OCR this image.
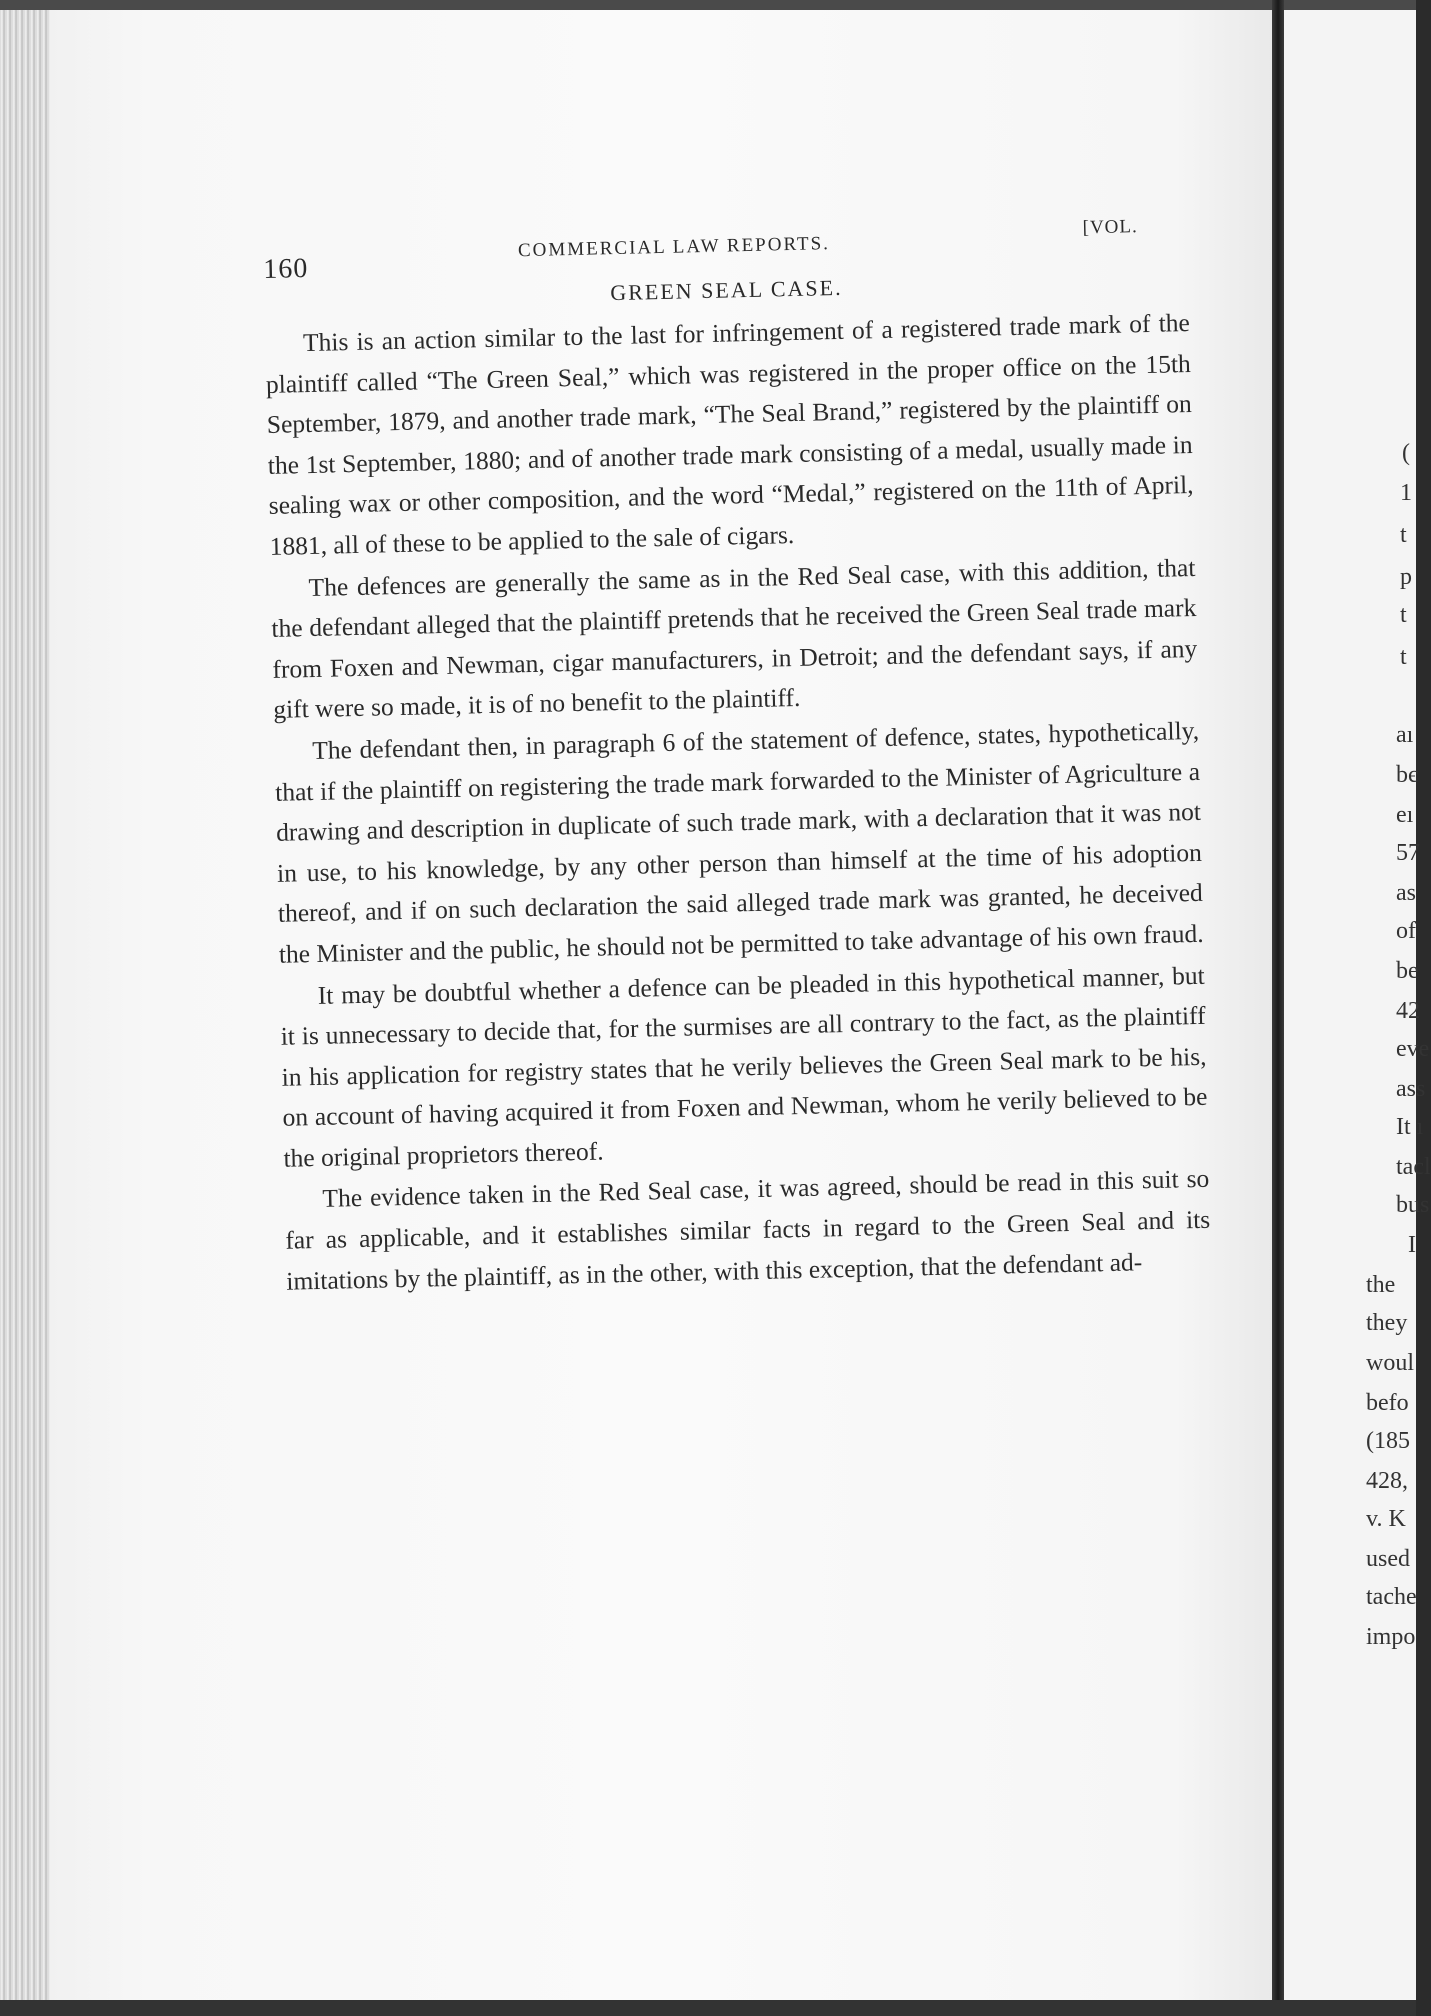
160
COMMERCIAL LAW REPORTS.
[VOL.
GREEN SEAL CASE.

This is an action similar to the last for infringement of a registered trade mark of the plaintiff called “The Green Seal,” which was registered in the proper office on the 15th September, 1879, and another trade mark, “The Seal Brand,” registered by the plaintiff on the 1st September, 1880; and of another trade mark consisting of a medal, usually made in sealing wax or other composition, and the word “Medal,” registered on the 11th of April, 1881, all of these to be applied to the sale of cigars.

The defences are generally the same as in the Red Seal case, with this addition, that the defendant alleged that the plaintiff pretends that he received the Green Seal trade mark from Foxen and Newman, cigar manufacturers, in Detroit; and the defendant says, if any gift were so made, it is of no benefit to the plaintiff.

The defendant then, in paragraph 6 of the statement of defence, states, hypothetically, that if the plaintiff on registering the trade mark forwarded to the Minister of Agriculture a drawing and description in duplicate of such trade mark, with a declaration that it was not in use, to his knowledge, by any other person than himself at the time of his adoption thereof, and if on such declaration the said alleged trade mark was granted, he deceived the Minister and the public, he should not be permitted to take advantage of his own fraud.

It may be doubtful whether a defence can be pleaded in this hypothetical manner, but it is unnecessary to decide that, for the surmises are all contrary to the fact, as the plaintiff in his application for registry states that he verily believes the Green Seal mark to be his, on account of having acquired it from Foxen and Newman, whom he verily believed to be the original proprietors thereof.

The evidence taken in the Red Seal case, it was agreed, should be read in this suit so far as applicable, and it establishes similar facts in regard to the Green Seal and its imitations by the plaintiff, as in the other, with this exception, that the defendant ad-

(
1
t
p
t
t
aı
bє
eı
57
as
of
be
42
eve
ass
It ı
tacl
bus
I
the
they
woul
befo
(185
428,
v. K
used
tache
impo
